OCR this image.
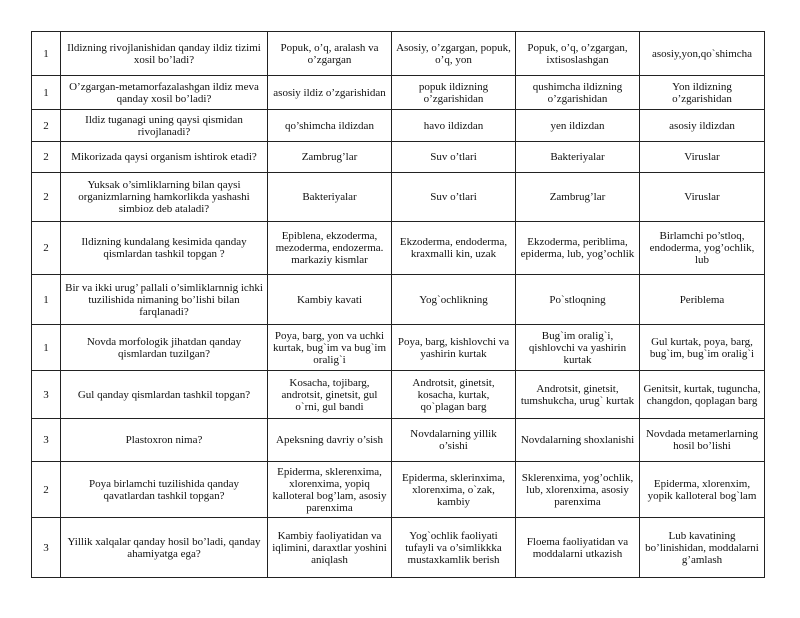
1	Ildizning rivojlanishidan qanday ildiz tizimi xosil bo’ladi?	Popuk, o’q, aralash va o’zgargan	Asosiy, o’zgargan, popuk, o’q, yon	Popuk, o’q, o’zgargan, ixtisoslashgan	asosiy,yon,qo`shimcha
1	O’zgargan-metamorfazalashgan ildiz meva qanday xosil bo’ladi?	asosiy ildiz o’zgarishidan	popuk ildizning o’zgarishidan	qushimcha ildizning o’zgarishidan	Yon ildizning o’zgarishidan
2	Ildiz tuganagi uning qaysi qismidan rivojlanadi?	qo’shimcha ildizdan	havo ildizdan	yen ildizdan	asosiy ildizdan
2	Mikorizada qaysi organism ishtirok etadi?	Zambrug’lar	Suv o’tlari	Bakteriyalar	Viruslar
2	Yuksak o’simliklarning bilan qaysi organizmlarning hamkorlikda yashashi simbioz deb ataladi?	Bakteriyalar	Suv o’tlari	Zambrug’lar	Viruslar
2	Ildizning kundalang kesimida qanday qismlardan tashkil topgan ?	Epiblena, ekzoderma, mezoderma, endozerma. markaziy kismlar	Ekzoderma, endoderma, kraxmalli kin, uzak	Ekzoderma, periblima, epiderma, lub, yog’ochlik	Birlamchi po’stloq, endoderma, yog’ochlik, lub
1	Bir va ikki urug’ pallali o’simliklarnnig ichki tuzilishida nimaning bo’lishi bilan farqlanadi?	Kambiy kavati	Yog`ochlikning	Po`stloqning	Periblema
1	Novda morfologik jihatdan qanday qismlardan tuzilgan?	Poya, barg, yon va uchki kurtak, bug`im va bug`im oralig`i	Poya, barg, kishlovchi va yashirin kurtak	Bug`im oralig`i, qishlovchi va yashirin kurtak	Gul kurtak, poya, barg, bug`im, bug`im oralig`i
3	Gul qanday qismlardan tashkil topgan?	Kosacha, tojibarg, androtsit, ginetsit, gul o`rni, gul bandi	Androtsit, ginetsit, kosacha, kurtak, qo`plagan barg	Androtsit, ginetsit, tumshukcha, urug` kurtak	Genitsit, kurtak, tuguncha, changdon, qoplagan barg
3	Plastoxron nima?	Apeksning davriy o’sish	Novdalarning yillik o’sishi	Novdalarning shoxlanishi	Novdada metamerlarning hosil bo’lishi
2	Poya birlamchi tuzilishida qanday qavatlardan tashkil topgan?	Epiderma, sklerenxima, xlorenxima, yopiq kalloteral bog’lam, asosiy parenxima	Epiderma, sklerinxima, xlorenxima, o`zak, kambiy	Sklerenxima, yog’ochlik, lub, xlorenxima, asosiy parenxima	Epiderma, xlorenxim, yopik kalloteral bog`lam
3	Yillik xalqalar qanday hosil bo’ladi, qanday ahamiyatga ega?	Kambiy faoliyatidan va iqlimini, daraxtlar yoshini aniqlash	Yog`ochlik faoliyati tufayli va o’simlikkka mustaxkamlik berish	Floema faoliyatidan va moddalarni utkazish	Lub kavatining bo’linishidan, moddalarni g’amlash
